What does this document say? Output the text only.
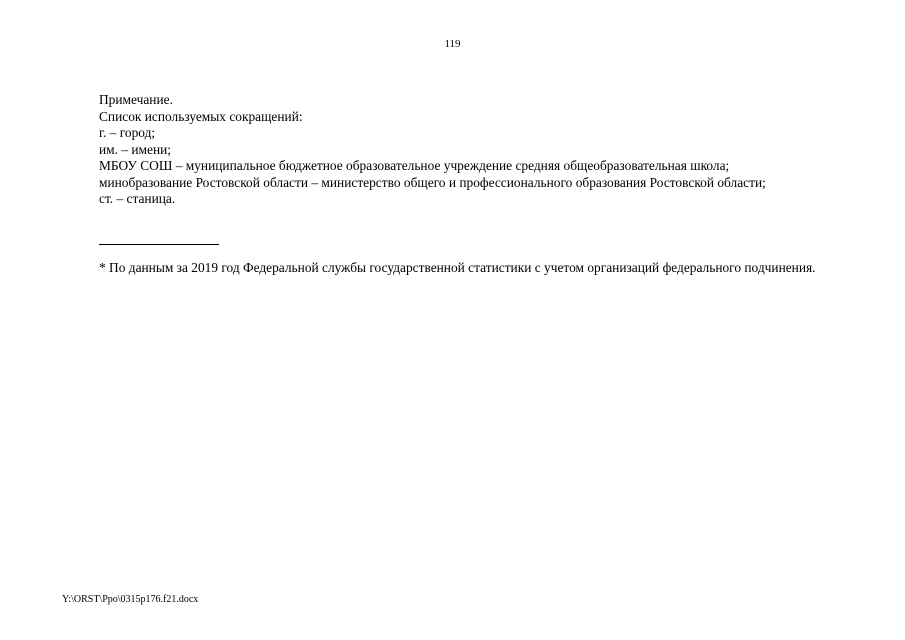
119

Примечание.

Список используемых сокращений:

г. – город;

им. – имени;

МБОУ СОШ – муниципальное бюджетное образовательное учреждение средняя общеобразовательная школа;

минобразование Ростовской области – министерство общего и профессионального образования Ростовской области;

ст. – станица.

* По данным за 2019 год Федеральной службы государственной статистики с учетом организаций федерального подчинения.

Y:\ORST\Ppo\0315p176.f21.docx
